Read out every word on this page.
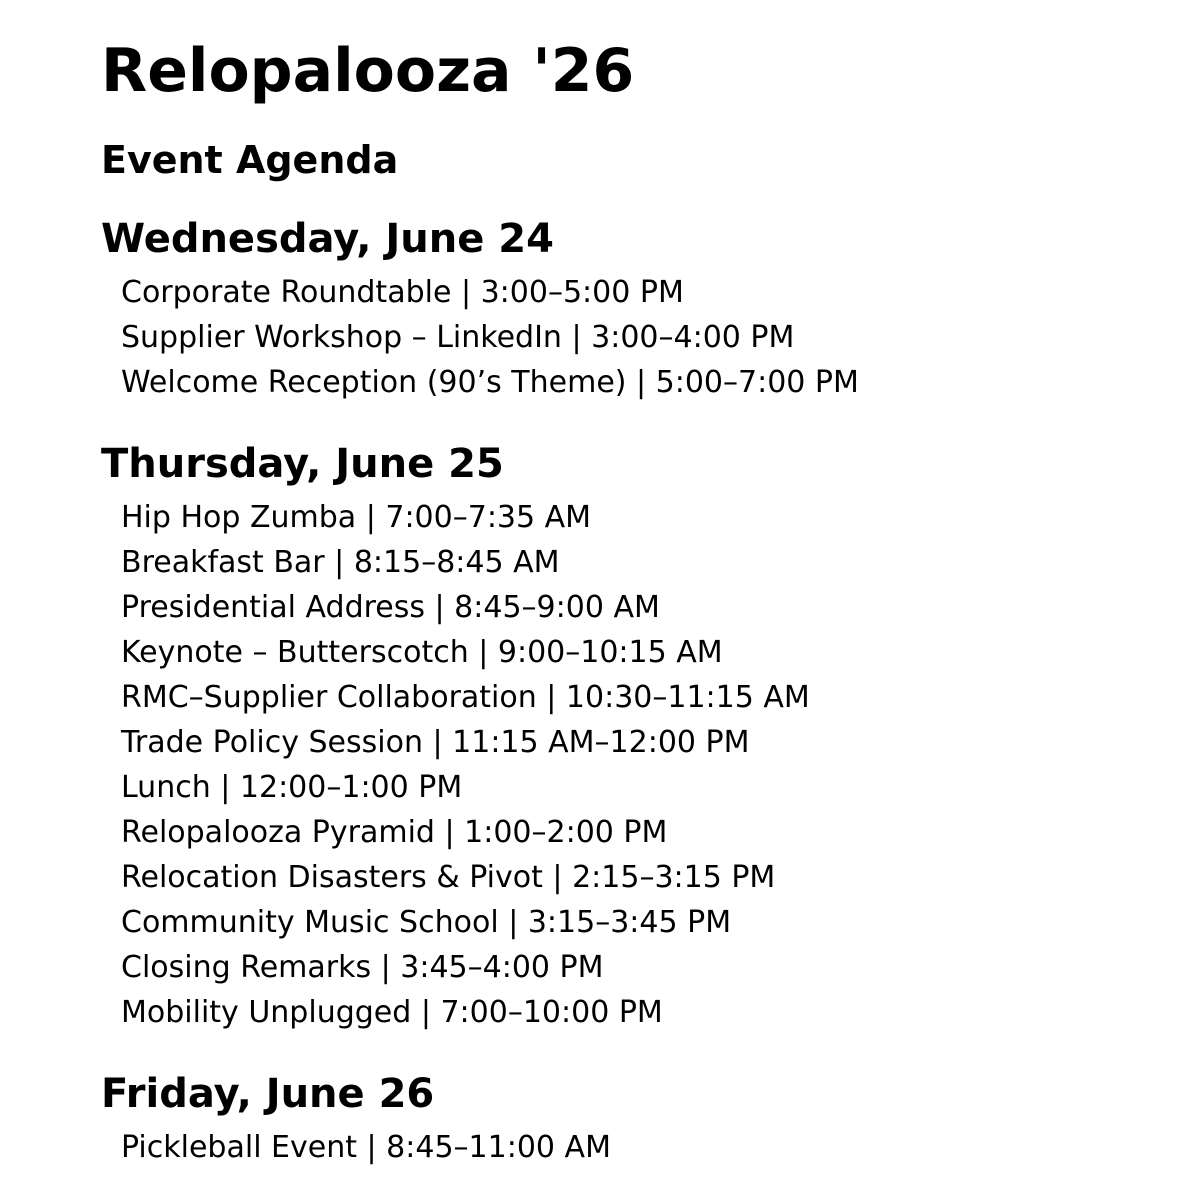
Relopalooza '26
Event Agenda
Wednesday, June 24
Corporate Roundtable | 3:00–5:00 PM
Supplier Workshop – LinkedIn | 3:00–4:00 PM
Welcome Reception (90’s Theme) | 5:00–7:00 PM
Thursday, June 25
Hip Hop Zumba | 7:00–7:35 AM
Breakfast Bar | 8:15–8:45 AM
Presidential Address | 8:45–9:00 AM
Keynote – Butterscotch | 9:00–10:15 AM
RMC–Supplier Collaboration | 10:30–11:15 AM
Trade Policy Session | 11:15 AM–12:00 PM
Lunch | 12:00–1:00 PM
Relopalooza Pyramid | 1:00–2:00 PM
Relocation Disasters & Pivot | 2:15–3:15 PM
Community Music School | 3:15–3:45 PM
Closing Remarks | 3:45–4:00 PM
Mobility Unplugged | 7:00–10:00 PM
Friday, June 26
Pickleball Event | 8:45–11:00 AM
